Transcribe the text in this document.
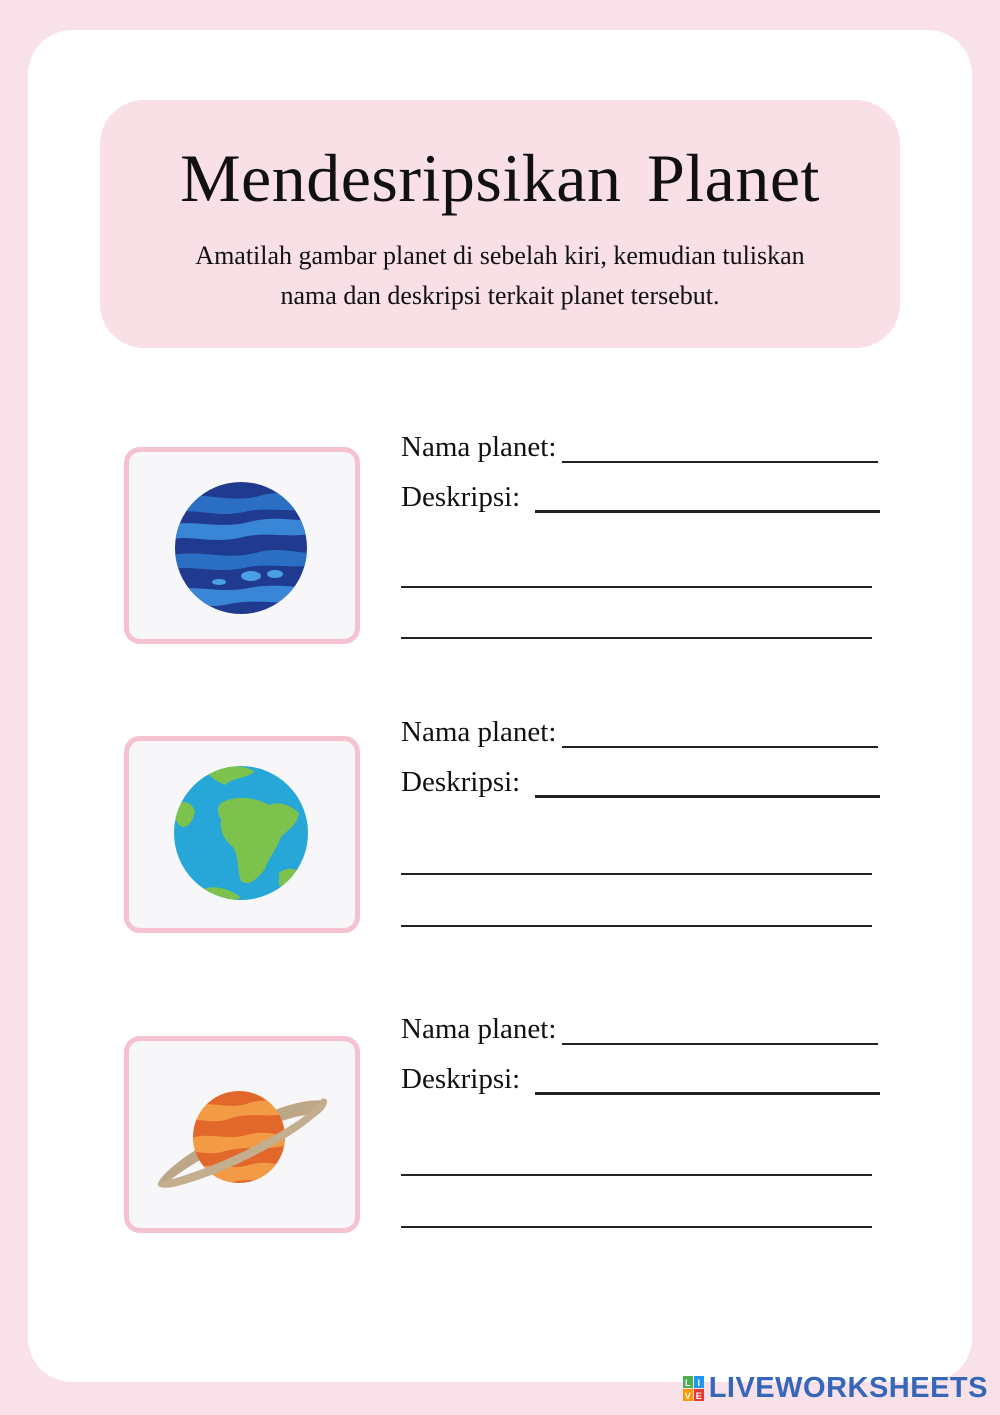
Mendesripsikan Planet
Amatilah gambar planet di sebelah kiri, kemudian tuliskan
nama dan deskripsi terkait planet tersebut.
Nama planet:
Deskripsi:
Nama planet:
Deskripsi:
Nama planet:
Deskripsi:
L I
V E LIVEWORKSHEETS
